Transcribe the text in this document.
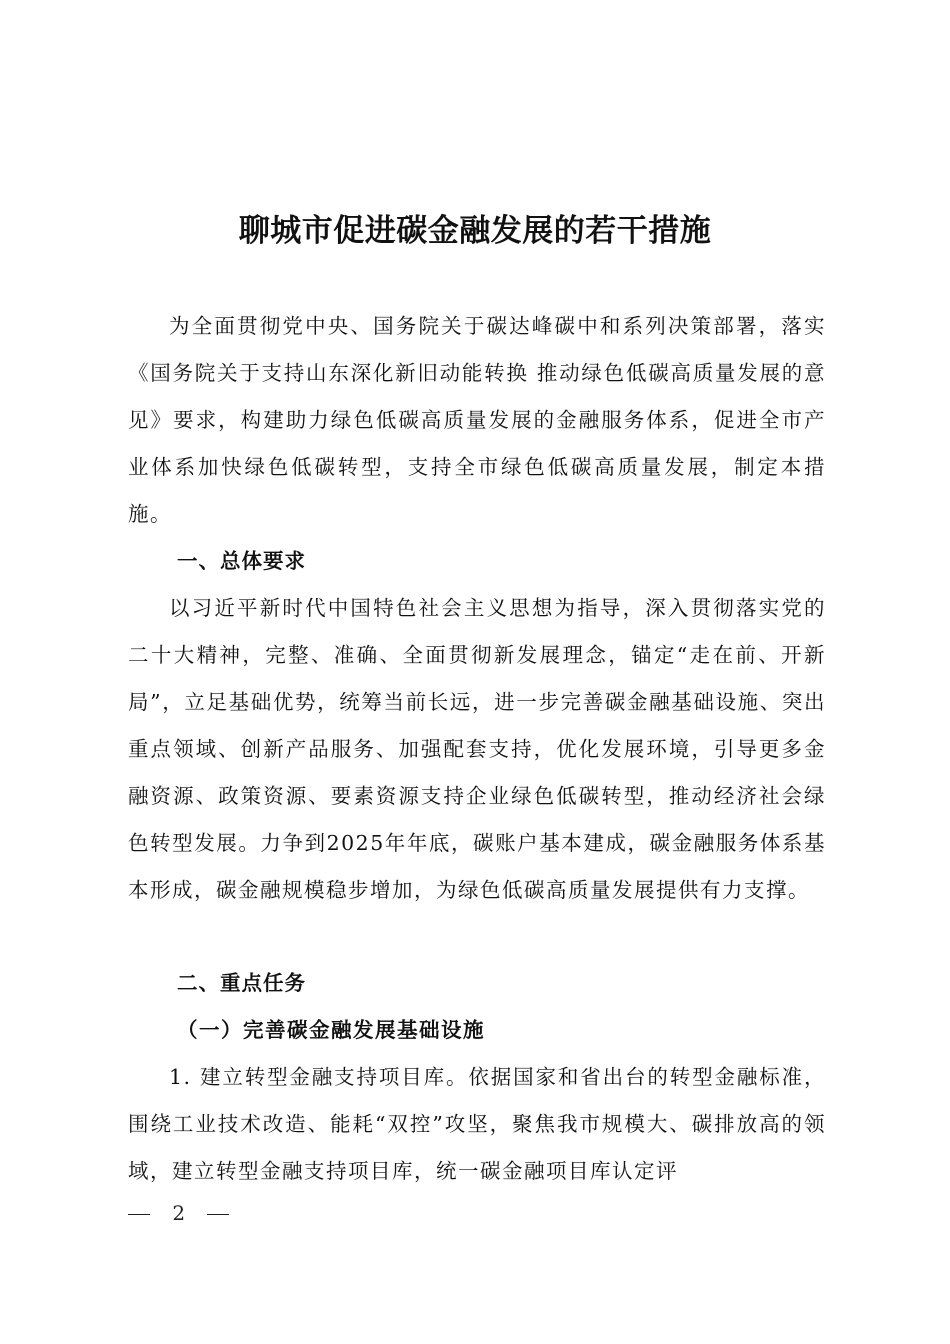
聊城市促进碳金融发展的若干措施

为全面贯彻党中央、国务院关于碳达峰碳中和系列决策部署，落实《国务院关于支持山东深化新旧动能转换 推动绿色低碳高质量发展的意见》要求，构建助力绿色低碳高质量发展的金融服务体系，促进全市产业体系加快绿色低碳转型，支持全市绿色低碳高质量发展，制定本措施。

一、总体要求

以习近平新时代中国特色社会主义思想为指导，深入贯彻落实党的二十大精神，完整、准确、全面贯彻新发展理念，锚定“走在前、开新局”，立足基础优势，统筹当前长远，进一步完善碳金融基础设施、突出重点领域、创新产品服务、加强配套支持，优化发展环境，引导更多金融资源、政策资源、要素资源支持企业绿色低碳转型，推动经济社会绿色转型发展。力争到2025年年底，碳账户基本建成，碳金融服务体系基本形成，碳金融规模稳步增加，为绿色低碳高质量发展提供有力支撑。

二、重点任务
（一）完善碳金融发展基础设施

1. 建立转型金融支持项目库。依据国家和省出台的转型金融标准，围绕工业技术改造、能耗“双控”攻坚，聚焦我市规模大、碳排放高的领域，建立转型金融支持项目库，统一碳金融项目库认定评

2
